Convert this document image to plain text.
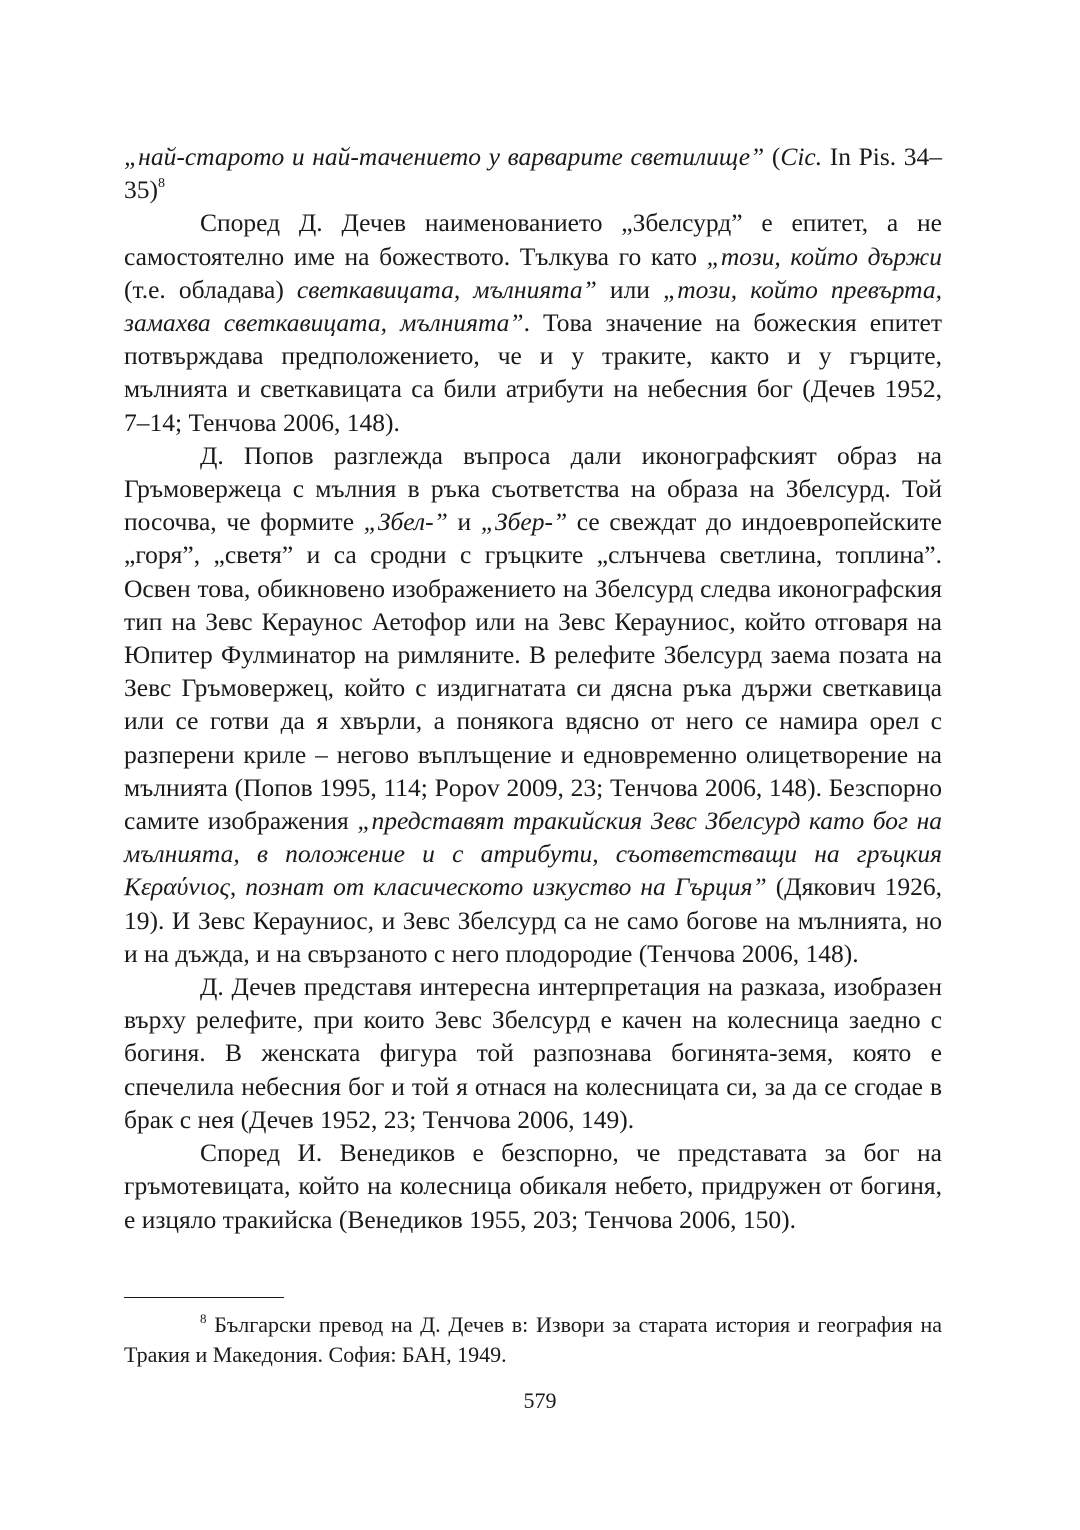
„най-старото и най-тачението у варварите светилище” (Cic. In Pis. 34–35)$^8$

Според Д. Дечев наименованието „Збелсурд” е епитет, а не самостоятелно име на божеството. Тълкува го като „този, който държи (т.е. обладава) светкавицата, мълнията” или „този, който превърта, замахва светкавицата, мълнията”. Това значение на божеския епитет потвърждава предположението, че и у траките, както и у гърците, мълнията и светкавицата са били атрибути на небесния бог (Дечев 1952, 7–14; Тенчова 2006, 148).

Д. Попов разглежда въпроса дали иконографският образ на Гръмовержеца с мълния в ръка съответства на образа на Збелсурд. Той посочва, че формите „Збел-” и „Збер-” се свеждат до индоевропейските „горя”, „светя” и са сродни с гръцките „слънчева светлина, топлина”. Освен това, обикновено изображението на Збелсурд следва иконографския тип на Зевс Кераунос Аетофор или на Зевс Керауниос, който отговаря на Юпитер Фулминатор на римляните. В релефите Збелсурд заема позата на Зевс Гръмовержец, който с издигнатата си дясна ръка държи светкавица или се готви да я хвърли, а понякога вдясно от него се намира орел с разперени криле – негово въплъщение и едновременно олицетворение на мълнията (Попов 1995, 114; Popov 2009, 23; Тенчова 2006, 148). Безспорно самите изображения „представят тракийския Зевс Збелсурд като бог на мълнията, в положение и с атрибути, съответстващи на гръцкия Κεραύνιος, познат от класическото изкуство на Гърция” (Дякович 1926, 19). И Зевс Керауниос, и Зевс Збелсурд са не само богове на мълнията, но и на дъжда, и на свързаното с него плодородие (Тенчова 2006, 148).

Д. Дечев представя интересна интерпретация на разказа, изобразен върху релефите, при които Зевс Збелсурд е качен на колесница заедно с богиня. В женската фигура той разпознава богинята-земя, която е спечелила небесния бог и той я отнася на колесницата си, за да се сгодае в брак с нея (Дечев 1952, 23; Тенчова 2006, 149).

Според И. Венедиков е безспорно, че представата за бог на гръмотевицата, който на колесница обикаля небето, придружен от богиня, е изцяло тракийска (Венедиков 1955, 203; Тенчова 2006, 150).

$^8$ Български превод на Д. Дечев в: Извори за старата история и география на Тракия и Македония. София: БАН, 1949.
579
